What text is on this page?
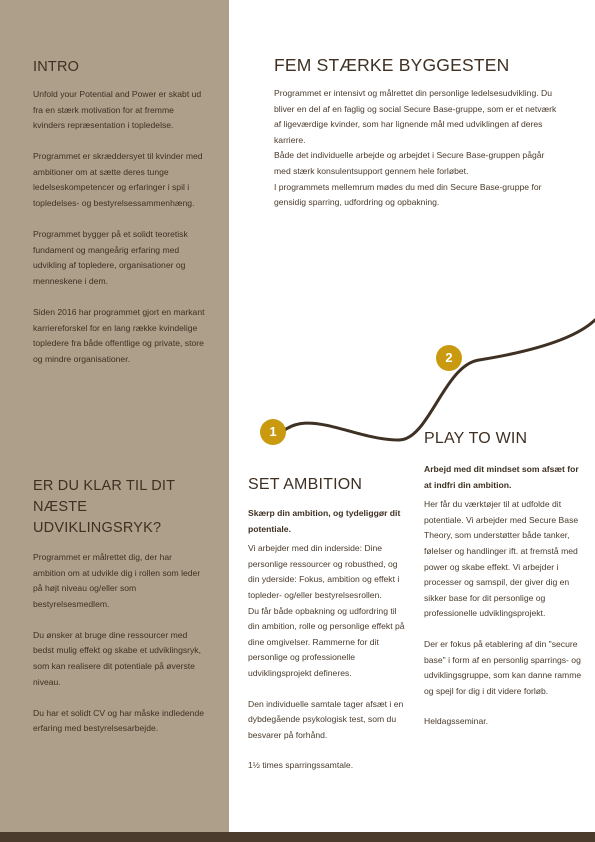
INTRO

Unfold your Potential and Power er skabt ud fra en stærk motivation for at fremme kvinders repræsentation i topledelse.

Programmet er skræddersyet til kvinder med ambitioner om at sætte deres tunge ledelseskompetencer og erfaringer i spil i topledelses- og bestyrelsessammenhæng.

Programmet bygger på et solidt teoretisk fundament og mangeårig erfaring med udvikling af topledere, organisationer og menneskene i dem.

Siden 2016 har programmet gjort en markant karriereforskel for en lang række kvindelige topledere fra både offentlige og private, store og mindre organisationer.

ER DU KLAR TIL DIT NÆSTE UDVIKLINGSRYK?

Programmet er målrettet dig, der har ambition om at udvikle dig i rollen som leder på højt niveau og/eller som bestyrelsesmedlem.

Du ønsker at bruge dine ressourcer med bedst mulig effekt og skabe et udviklingsryk, som kan realisere dit potentiale på øverste niveau.

Du har et solidt CV og har måske indledende erfaring med bestyrelsesarbejde.

FEM STÆRKE BYGGESTEN

Programmet er intensivt og målrettet din personlige ledelsesudvikling. Du bliver en del af en faglig og social Secure Base-gruppe, som er et netværk af ligeværdige kvinder, som har lignende mål med udviklingen af deres karriere.

Både det individuelle arbejde og arbejdet i Secure Base-gruppen pågår med stærk konsulentsupport gennem hele forløbet.

I programmets mellemrum mødes du med din Secure Base-gruppe for gensidig sparring, udfordring og opbakning.

1
2
PLAY TO WIN
SET AMBITION

Skærp din ambition, og tydeliggør dit potentiale.

Vi arbejder med din inderside: Dine personlige ressourcer og robusthed, og din yderside: Fokus, ambition og effekt i topleder- og/eller bestyrelsesrollen.
Du får både opbakning og udfordring til din ambition, rolle og personlige effekt på dine omgivelser. Rammerne for dit personlige og professionelle udviklingsprojekt defineres.

Den individuelle samtale tager afsæt i en dybdegående psykologisk test, som du besvarer på forhånd.

1½ times sparringssamtale.

Arbejd med dit mindset som afsæt for at indfri din ambition.

Her får du værktøjer til at udfolde dit potentiale. Vi arbejder med Secure Base Theory, som understøtter både tanker, følelser og handlinger ift. at fremstå med power og skabe effekt. Vi arbejder i processer og samspil, der giver dig en sikker base for dit personlige og professionelle udviklingsprojekt.

Der er fokus på etablering af din "secure base" i form af en personlig sparrings- og udviklingsgruppe, som kan danne ramme og spejl for dig i dit videre forløb.

Heldagsseminar.
